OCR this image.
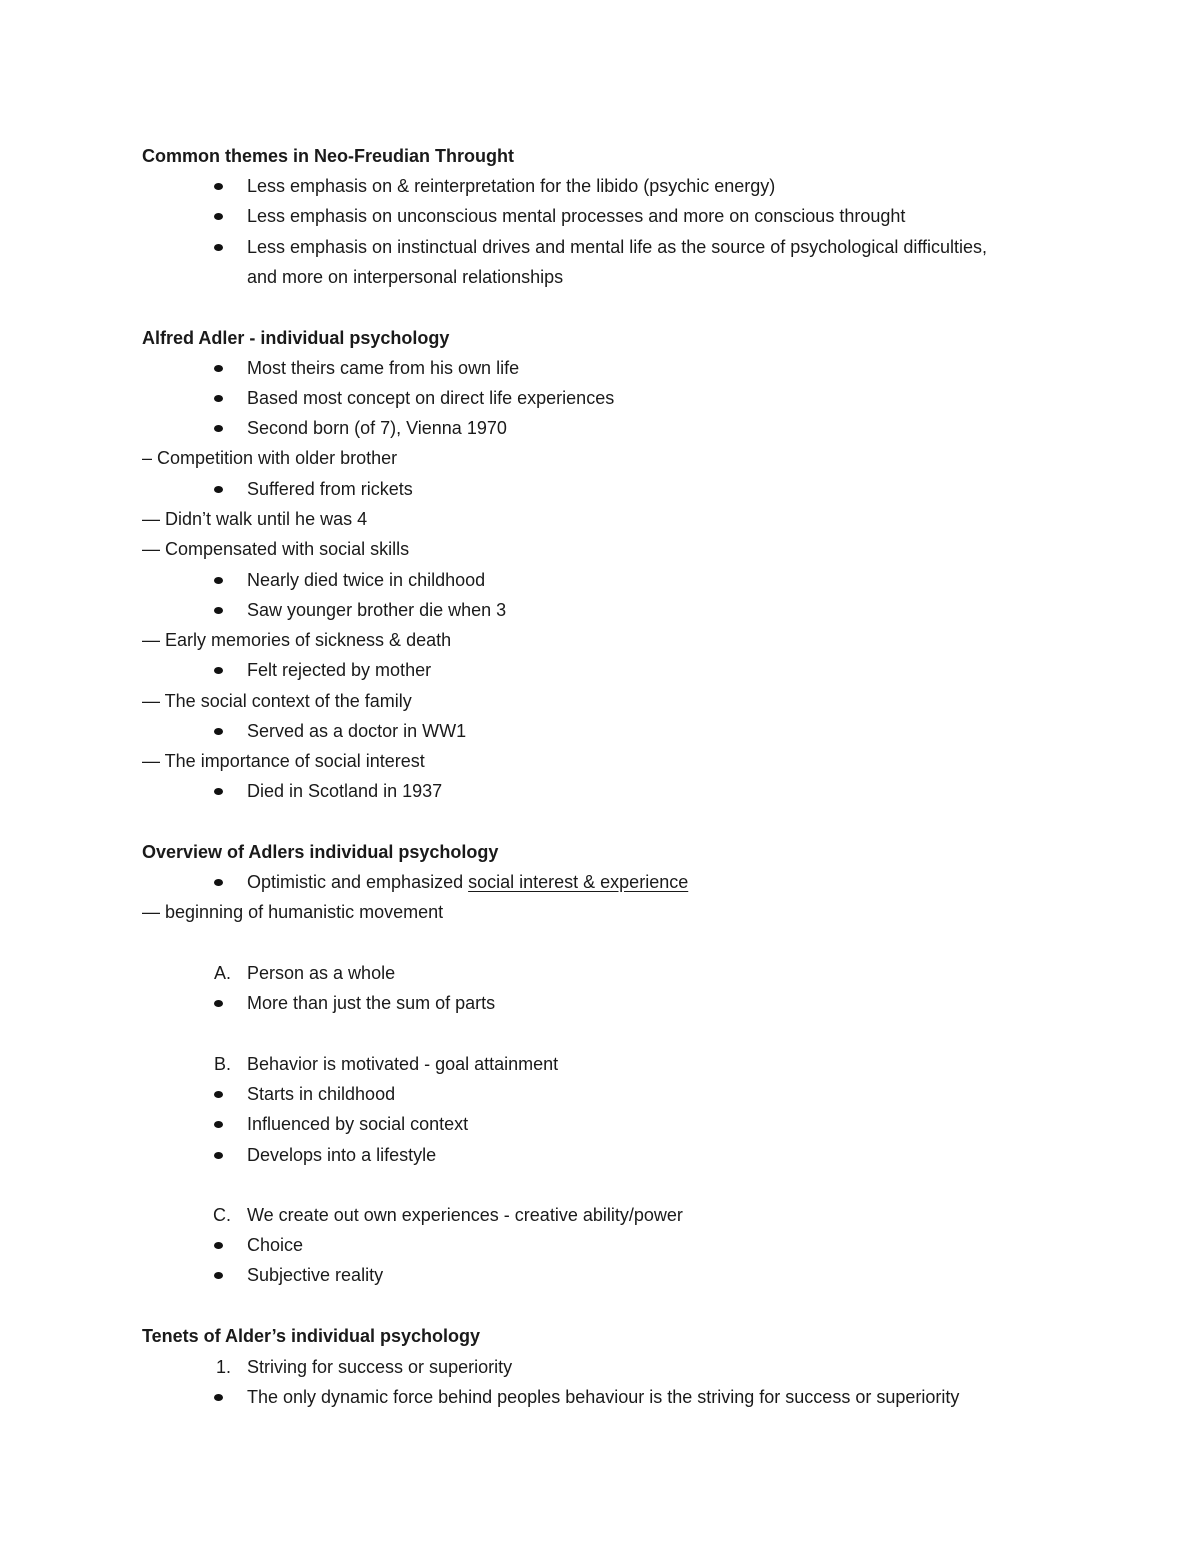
Common themes in Neo-Freudian Throught
Less emphasis on & reinterpretation for the libido (psychic energy)
Less emphasis on unconscious mental processes and more on conscious throught
Less emphasis on instinctual drives and mental life as the source of psychological difficulties,
and more on interpersonal relationships
Alfred Adler - individual psychology
Most theirs came from his own life
Based most concept on direct life experiences
Second born (of 7), Vienna 1970
– Competition with older brother
Suffered from rickets
— Didn’t walk until he was 4
— Compensated with social skills
Nearly died twice in childhood
Saw younger brother die when 3
— Early memories of sickness & death
Felt rejected by mother
— The social context of the family
Served as a doctor in WW1
— The importance of social interest
Died in Scotland in 1937
Overview of Adlers individual psychology
Optimistic and emphasized social interest & experience
— beginning of humanistic movement
A. Person as a whole
More than just the sum of parts
B. Behavior is motivated - goal attainment
Starts in childhood
Influenced by social context
Develops into a lifestyle
C. We create out own experiences - creative ability/power
Choice
Subjective reality
Tenets of Alder’s individual psychology
1. Striving for success or superiority
The only dynamic force behind peoples behaviour is the striving for success or superiority
